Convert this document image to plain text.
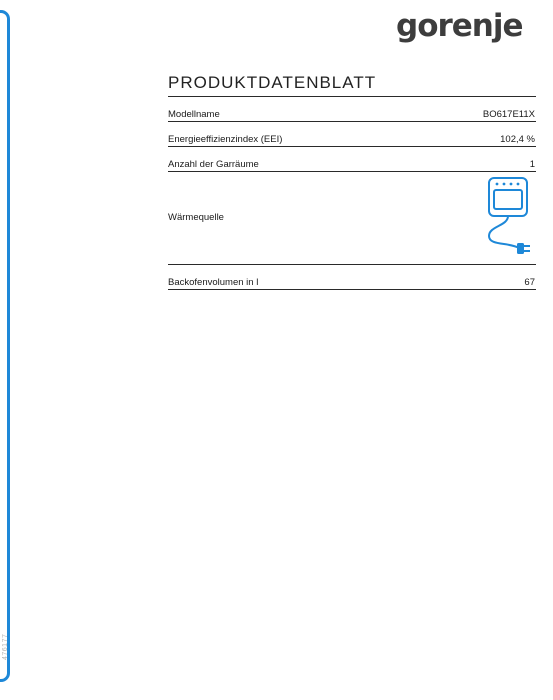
476177
gorenje
PRODUKTDATENBLATT
Modellname	BO617E11X
Energieeffizienzindex (EEI)	102,4 %
Anzahl der Garräume	1
Wärmequelle
Backofenvolumen in l	67
